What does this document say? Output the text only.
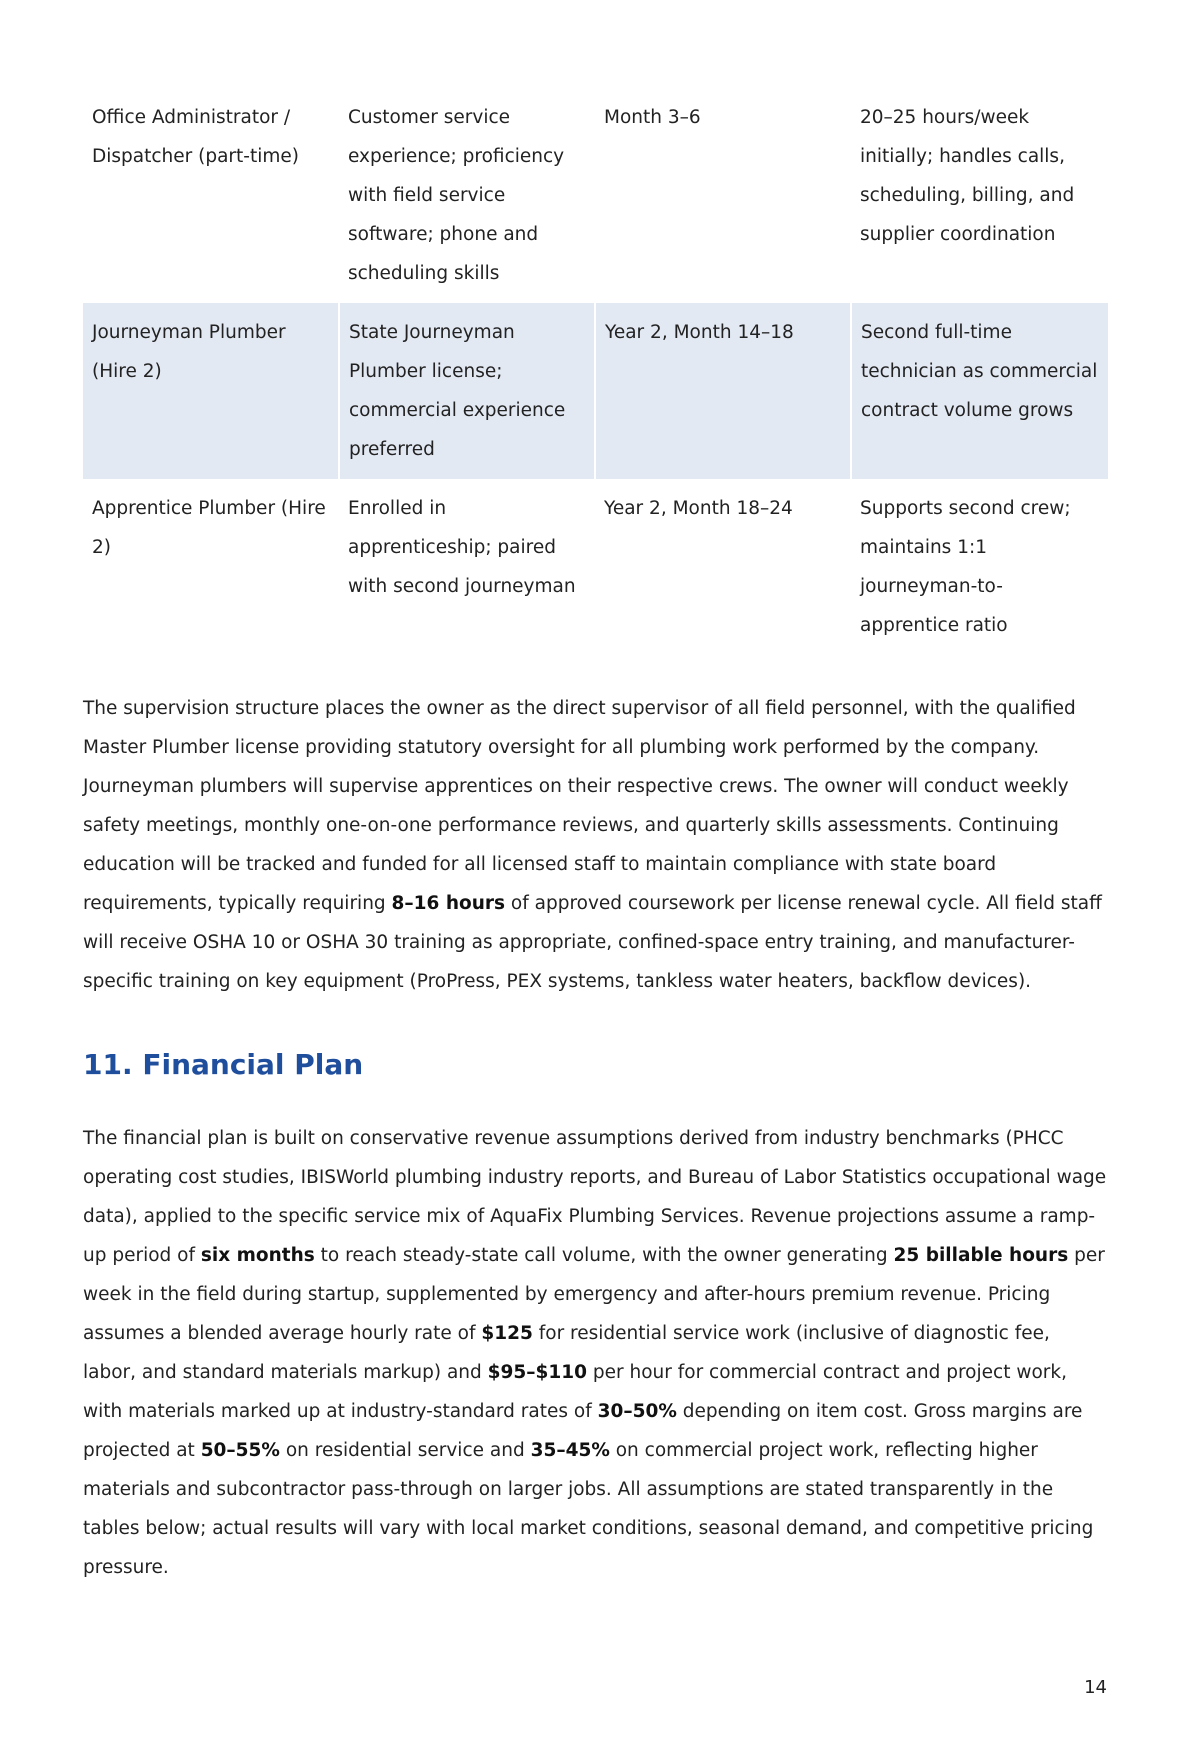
Office Administrator / Dispatcher (part-time)	Customer service experience; proficiency with field service software; phone and scheduling skills	Month 3–6	20–25 hours/week initially; handles calls, scheduling, billing, and supplier coordination
Journeyman Plumber (Hire 2)	State Journeyman Plumber license; commercial experience preferred	Year 2, Month 14–18	Second full-time technician as commercial contract volume grows
Apprentice Plumber (Hire 2)	Enrolled in apprenticeship; paired with second journeyman	Year 2, Month 18–24	Supports second crew; maintains 1:1 journeyman-to-apprentice ratio

The supervision structure places the owner as the direct supervisor of all field personnel, with the qualified Master Plumber license providing statutory oversight for all plumbing work performed by the company. Journeyman plumbers will supervise apprentices on their respective crews. The owner will conduct weekly safety meetings, monthly one-on-one performance reviews, and quarterly skills assessments. Continuing education will be tracked and funded for all licensed staff to maintain compliance with state board requirements, typically requiring 8–16 hours of approved coursework per license renewal cycle. All field staff will receive OSHA 10 or OSHA 30 training as appropriate, confined-space entry training, and manufacturer-specific training on key equipment (ProPress, PEX systems, tankless water heaters, backflow devices).

11. Financial Plan

The financial plan is built on conservative revenue assumptions derived from industry benchmarks (PHCC operating cost studies, IBISWorld plumbing industry reports, and Bureau of Labor Statistics occupational wage data), applied to the specific service mix of AquaFix Plumbing Services. Revenue projections assume a ramp-up period of six months to reach steady-state call volume, with the owner generating 25 billable hours per week in the field during startup, supplemented by emergency and after-hours premium revenue. Pricing assumes a blended average hourly rate of $125 for residential service work (inclusive of diagnostic fee, labor, and standard materials markup) and $95–$110 per hour for commercial contract and project work, with materials marked up at industry-standard rates of 30–50% depending on item cost. Gross margins are projected at 50–55% on residential service and 35–45% on commercial project work, reflecting higher materials and subcontractor pass-through on larger jobs. All assumptions are stated transparently in the tables below; actual results will vary with local market conditions, seasonal demand, and competitive pricing pressure.

14
